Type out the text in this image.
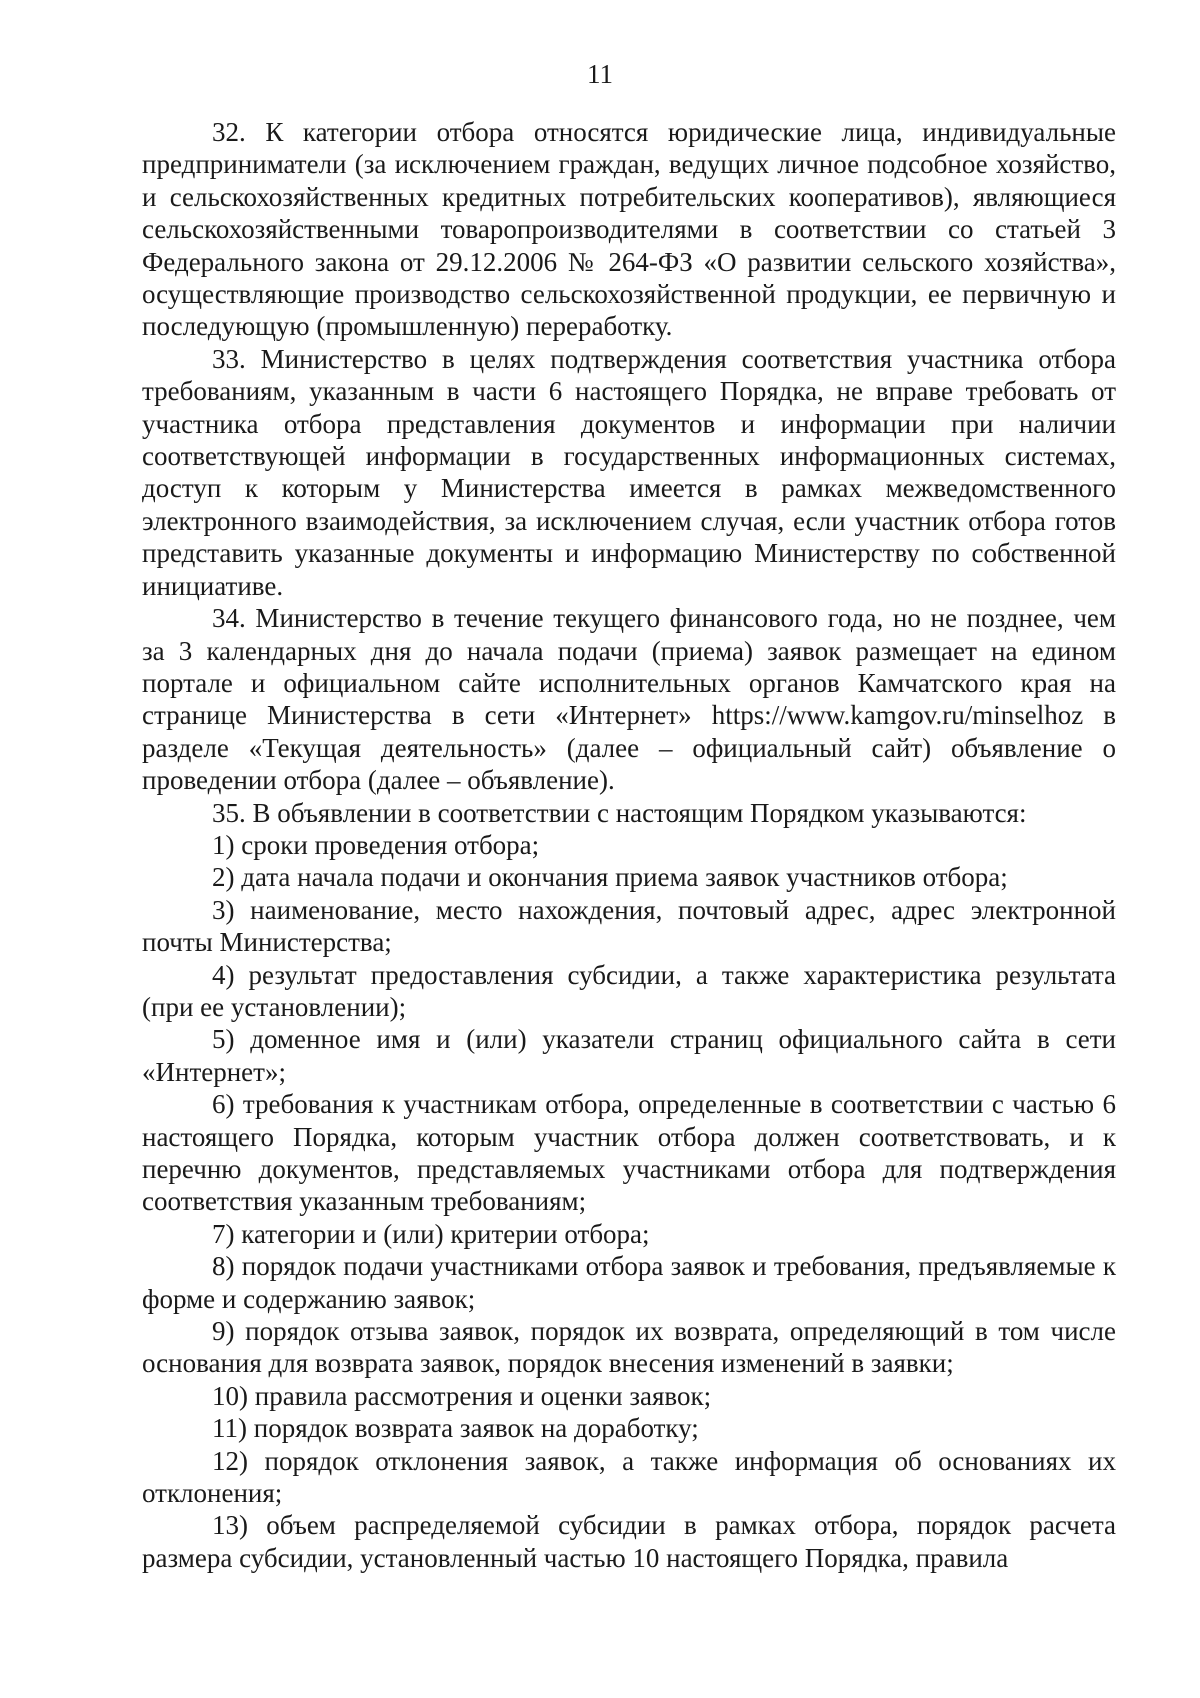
11

32. К категории отбора относятся юридические лица, индивидуальные предприниматели (за исключением граждан, ведущих личное подсобное хозяйство, и сельскохозяйственных кредитных потребительских кооперативов), являющиеся сельскохозяйственными товаропроизводителями в соответствии со статьей 3 Федерального закона от 29.12.2006 № 264-ФЗ «О развитии сельского хозяйства», осуществляющие производство сельскохозяйственной продукции, ее первичную и последующую (промышленную) переработку.

33. Министерство в целях подтверждения соответствия участника отбора требованиям, указанным в части 6 настоящего Порядка, не вправе требовать от участника отбора представления документов и информации при наличии соответствующей информации в государственных информационных системах, доступ к которым у Министерства имеется в рамках межведомственного электронного взаимодействия, за исключением случая, если участник отбора готов представить указанные документы и информацию Министерству по собственной инициативе.

34. Министерство в течение текущего финансового года, но не позднее, чем за 3 календарных дня до начала подачи (приема) заявок размещает на едином портале и официальном сайте исполнительных органов Камчатского края на странице Министерства в сети «Интернет» https://www.kamgov.ru/minselhoz в разделе «Текущая деятельность» (далее – официальный сайт) объявление о проведении отбора (далее – объявление).

35. В объявлении в соответствии с настоящим Порядком указываются:

1) сроки проведения отбора;

2) дата начала подачи и окончания приема заявок участников отбора;

3) наименование, место нахождения, почтовый адрес, адрес электронной почты Министерства;

4) результат предоставления субсидии, а также характеристика результата (при ее установлении);

5) доменное имя и (или) указатели страниц официального сайта в сети «Интернет»;

6) требования к участникам отбора, определенные в соответствии с частью 6 настоящего Порядка, которым участник отбора должен соответствовать, и к перечню документов, представляемых участниками отбора для подтверждения соответствия указанным требованиям;

7) категории и (или) критерии отбора;

8) порядок подачи участниками отбора заявок и требования, предъявляемые к форме и содержанию заявок;

9) порядок отзыва заявок, порядок их возврата, определяющий в том числе основания для возврата заявок, порядок внесения изменений в заявки;

10) правила рассмотрения и оценки заявок;

11) порядок возврата заявок на доработку;

12) порядок отклонения заявок, а также информация об основаниях их отклонения;

13) объем распределяемой субсидии в рамках отбора, порядок расчета размера субсидии, установленный частью 10 настоящего Порядка, правила
